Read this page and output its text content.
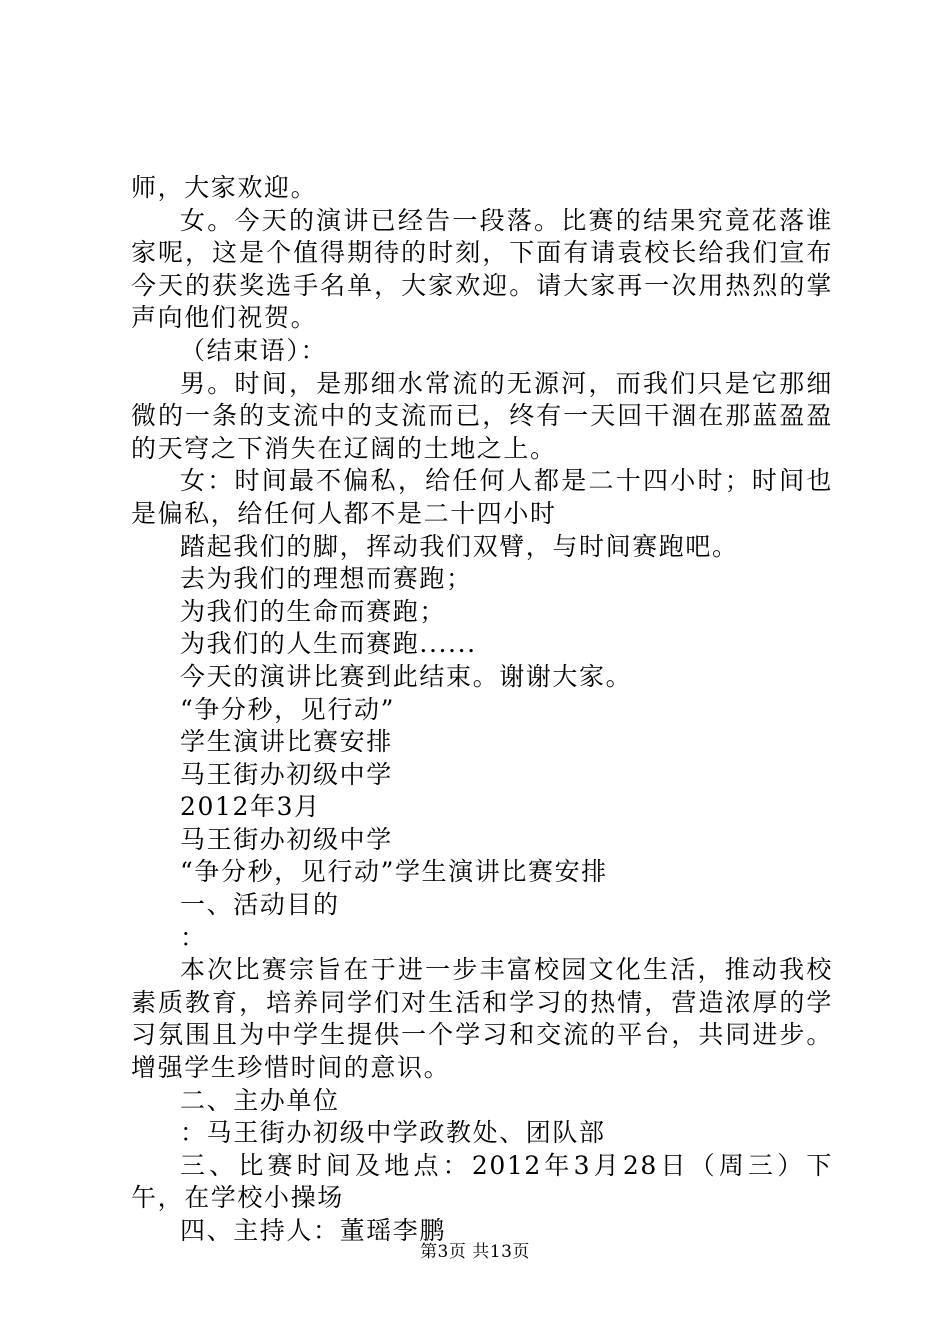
师，大家欢迎。

女。今天的演讲已经告一段落。比赛的结果究竟花落谁家呢，这是个值得期待的时刻，下面有请袁校长给我们宣布今天的获奖选手名单，大家欢迎。请大家再一次用热烈的掌声向他们祝贺。

（结束语）：

男。时间，是那细水常流的无源河，而我们只是它那细微的一条的支流中的支流而已，终有一天回干涸在那蓝盈盈的天穹之下消失在辽阔的土地之上。

女：时间最不偏私，给任何人都是二十四小时；时间也是偏私，给任何人都不是二十四小时

踏起我们的脚，挥动我们双臂，与时间赛跑吧。

去为我们的理想而赛跑；

为我们的生命而赛跑；

为我们的人生而赛跑......

今天的演讲比赛到此结束。谢谢大家。

“争分秒，见行动”

学生演讲比赛安排

马王街办初级中学

2012年3月

马王街办初级中学

“争分秒，见行动”学生演讲比赛安排

一、活动目的

：

本次比赛宗旨在于进一步丰富校园文化生活，推动我校素质教育，培养同学们对生活和学习的热情，营造浓厚的学习氛围且为中学生提供一个学习和交流的平台，共同进步。增强学生珍惜时间的意识。

二、主办单位

：马王街办初级中学政教处、团队部

三、比赛时间及地点：2012年3月28日（周三）下午，在学校小操场

四、主持人：董瑶李鹏

第3页 共13页
